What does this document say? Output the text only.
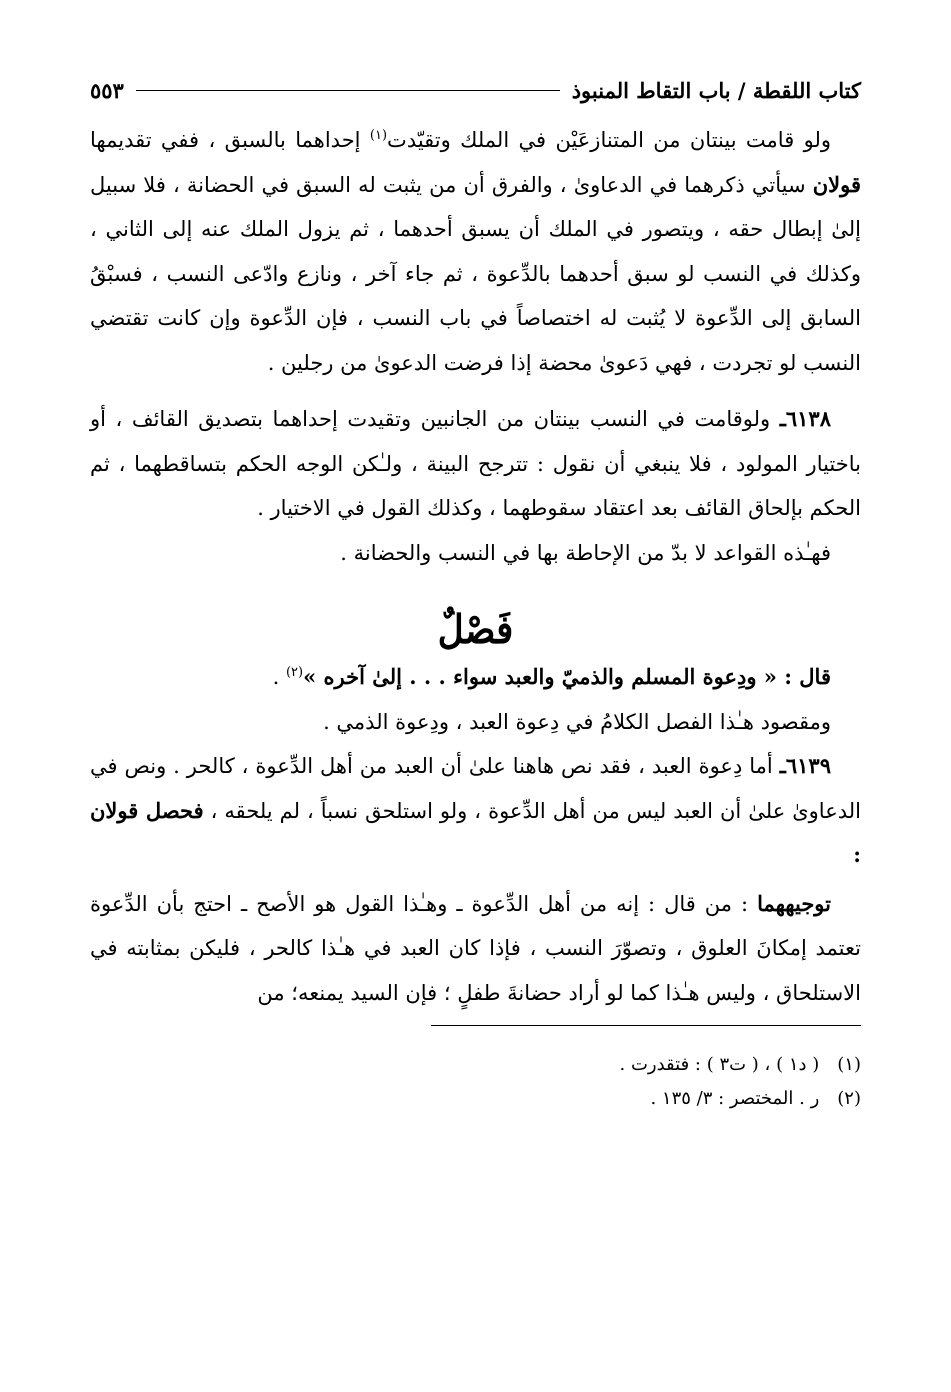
كتاب اللقطة / باب التقاط المنبوذ
٥٥٣

ولو قامت بينتان من المتنازعَيْن في الملك وتقيّدت$^{(١)}$ إحداهما بالسبق ، ففي تقديمها قولان سيأتي ذكرهما في الدعاوىٰ ، والفرق أن من يثبت له السبق في الحضانة ، فلا سبيل إلىٰ إبطال حقه ، ويتصور في الملك أن يسبق أحدهما ، ثم يزول الملك عنه إلى الثاني ، وكذلك في النسب لو سبق أحدهما بالدِّعوة ، ثم جاء آخر ، ونازع وادّعى النسب ، فسبْقُ السابق إلى الدِّعوة لا يُثبت له اختصاصاً في باب النسب ، فإن الدِّعوة وإن كانت تقتضي النسب لو تجردت ، فهي دَعوىٰ محضة إذا فرضت الدعوىٰ من رجلين .

٦١٣٨ـ ولوقامت في النسب بينتان من الجانبين وتقيدت إحداهما بتصديق القائف ، أو باختيار المولود ، فلا ينبغي أن نقول : تترجح البينة ، ولـٰكن الوجه الحكم بتساقطهما ، ثم الحكم بإلحاق القائف بعد اعتقاد سقوطهما ، وكذلك القول في الاختيار .

فهـٰذه القواعد لا بدّ من الإحاطة بها في النسب والحضانة .

فَصْلٌ

قال : « ودِعوة المسلم والذميّ والعبد سواء . . . إلىٰ آخره »$^{(٢)}$ .

ومقصود هـٰذا الفصل الكلامُ في دِعوة العبد ، ودِعوة الذمي .

٦١٣٩ـ أما دِعوة العبد ، فقد نص هاهنا علىٰ أن العبد من أهل الدِّعوة ، كالحر . ونص في الدعاوىٰ علىٰ أن العبد ليس من أهل الدِّعوة ، ولو استلحق نسباً ، لم يلحقه ، فحصل قولان :

توجيههما : من قال : إنه من أهل الدِّعوة ـ وهـٰذا القول هو الأصح ـ احتج بأن الدِّعوة تعتمد إمكانَ العلوق ، وتصوّرَ النسب ، فإذا كان العبد في هـٰذا كالحر ، فليكن بمثابته في الاستلحاق ، وليس هـٰذا كما لو أراد حضانةَ طفلٍ ؛ فإن السيد يمنعه؛ من

(١)
( د١ ) ، ( ت٣ ) : فتقدرت .
(٢)
ر . المختصر : ٣/ ١٣٥ .
